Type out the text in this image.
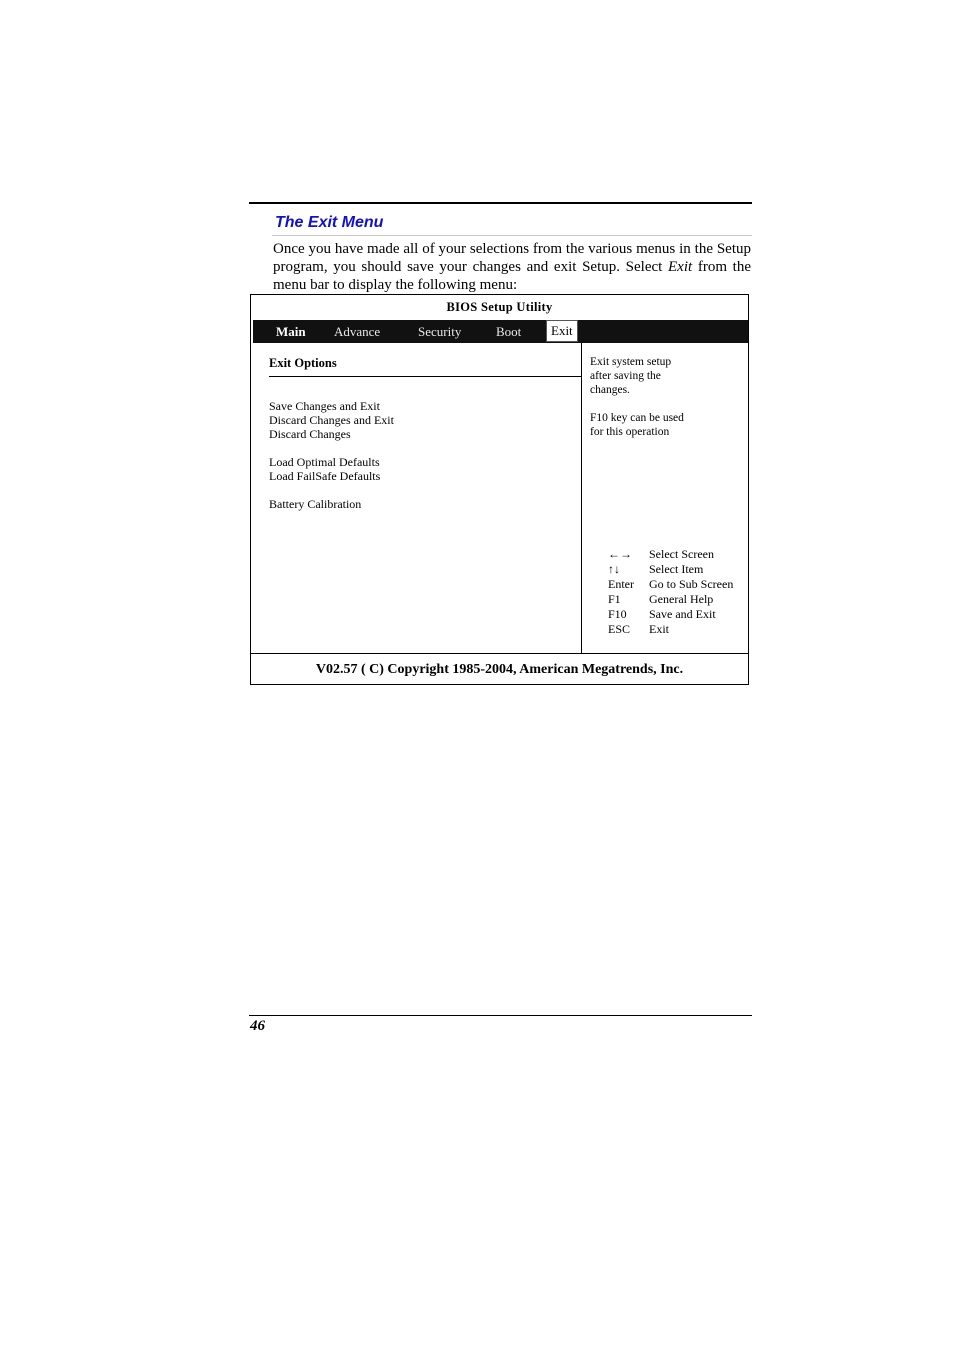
The Exit Menu
Once you have made all of your selections from the various menus in the Setup program, you should save your changes and exit Setup. Select Exit from the menu bar to display the following menu:
BIOS Setup Utility
Main Advance	Security	Boot	Exit
Exit Options
Save Changes and Exit
Discard Changes and Exit
Discard Changes
Load Optimal Defaults
Load FailSafe Defaults
Battery Calibration
Exit system setup
after saving the
changes.
F10 key can be used
for this operation
←→ Select Screen
↑↓ Select Item
Enter Go to Sub Screen
F1 General Help
F10 Save and Exit
ESC Exit
V02.57 ( C) Copyright 1985-2004, American Megatrends, Inc.
46
